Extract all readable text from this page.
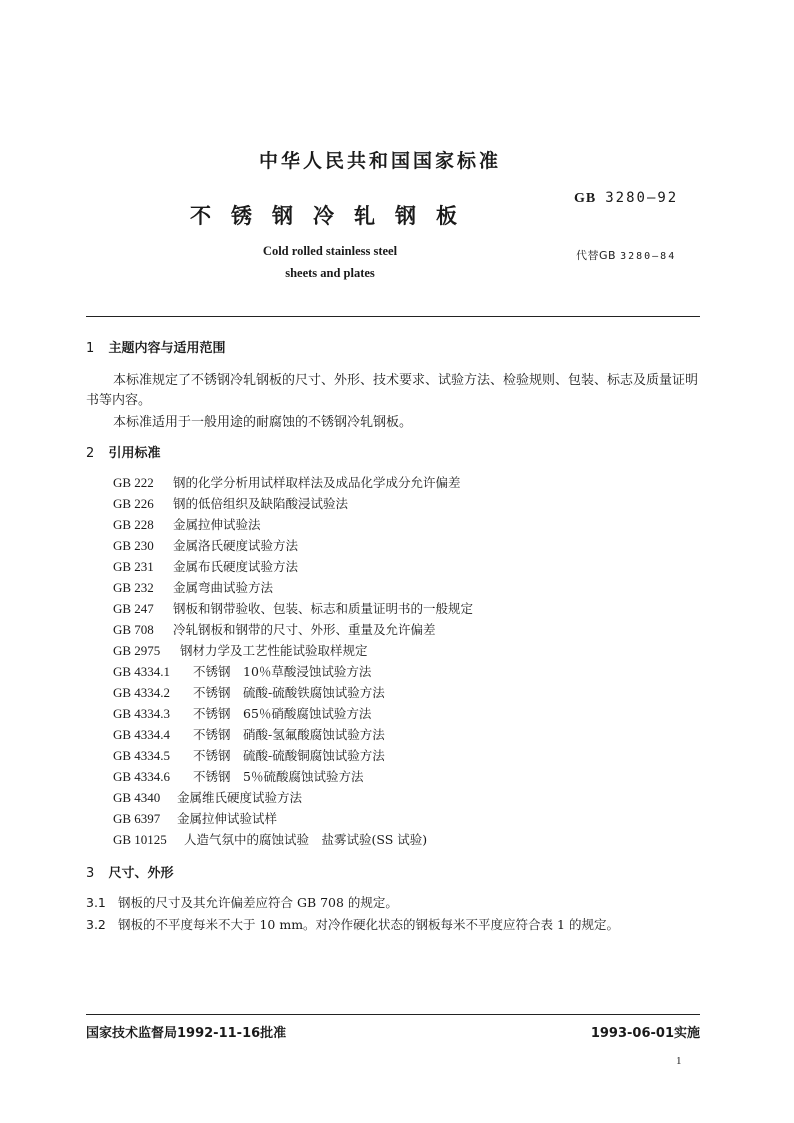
中华人民共和国国家标准
不锈钢冷轧钢板
GB 3280—92
Cold rolled stainless steel
sheets and plates
代替GB 3280—84
1 主题内容与适用范围
本标准规定了不锈钢冷轧钢板的尺寸、外形、技术要求、试验方法、检验规则、包装、标志及质量证明
书等内容。
本标准适用于一般用途的耐腐蚀的不锈钢冷轧钢板。
2 引用标准
GB 222 钢的化学分析用试样取样法及成品化学成分允许偏差
GB 226 钢的低倍组织及缺陷酸浸试验法
GB 228 金属拉伸试验法
GB 230 金属洛氏硬度试验方法
GB 231 金属布氏硬度试验方法
GB 232 金属弯曲试验方法
GB 247 钢板和钢带验收、包装、标志和质量证明书的一般规定
GB 708 冷轧钢板和钢带的尺寸、外形、重量及允许偏差
GB 2975 钢材力学及工艺性能试验取样规定
GB 4334.1 不锈钢　10％草酸浸蚀试验方法
GB 4334.2 不锈钢　硫酸-硫酸铁腐蚀试验方法
GB 4334.3 不锈钢　65％硝酸腐蚀试验方法
GB 4334.4 不锈钢　硝酸-氢氟酸腐蚀试验方法
GB 4334.5 不锈钢　硫酸-硫酸铜腐蚀试验方法
GB 4334.6 不锈钢　5％硫酸腐蚀试验方法
GB 4340 金属维氏硬度试验方法
GB 6397 金属拉伸试验试样
GB 10125 人造气氛中的腐蚀试验　盐雾试验(SS 试验)
3 尺寸、外形
3.1 钢板的尺寸及其允许偏差应符合 GB 708 的规定。
3.2 钢板的不平度每米不大于 10 mm。对冷作硬化状态的钢板每米不平度应符合表 1 的规定。
国家技术监督局1992-11-16批准	1993-06-01实施
1
